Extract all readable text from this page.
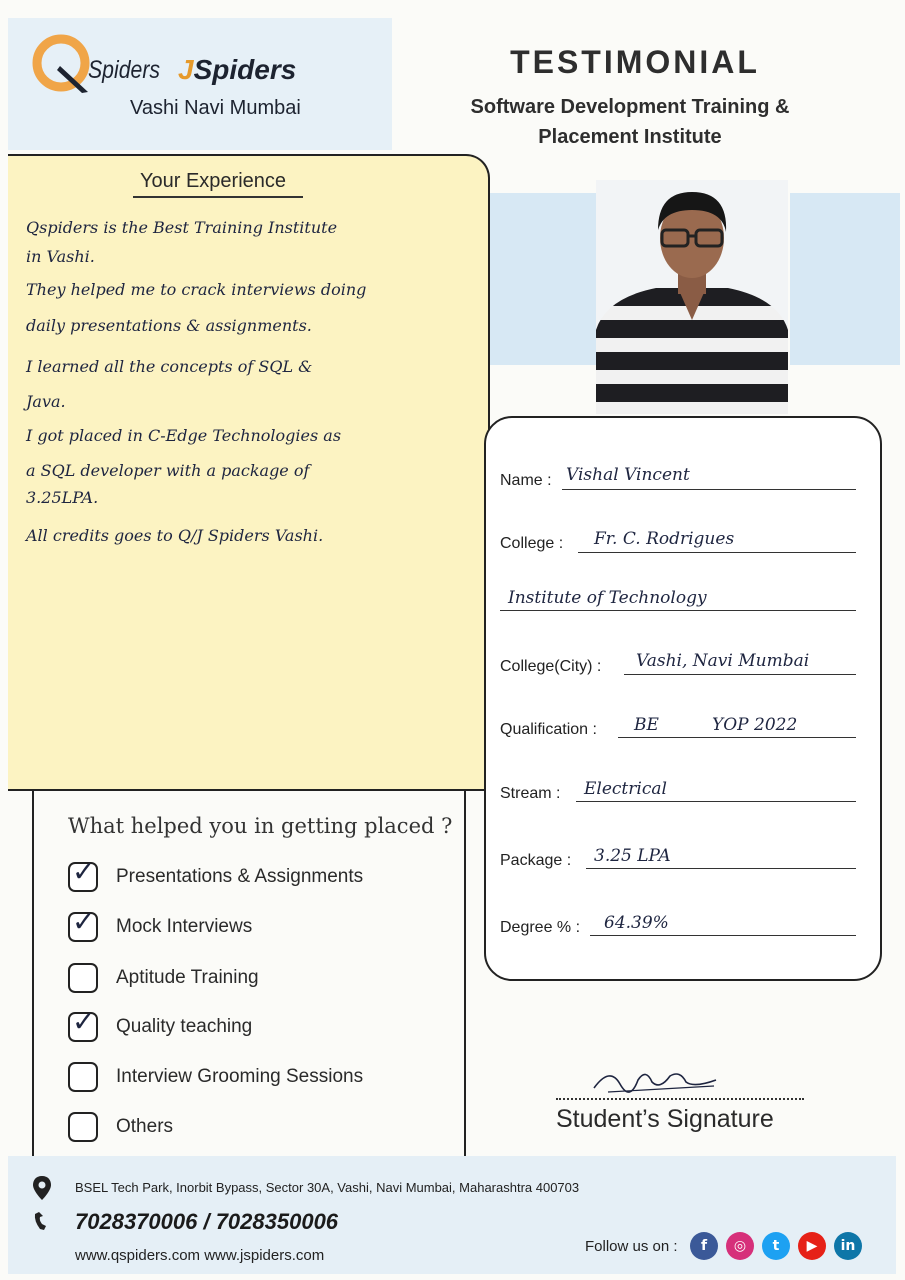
Spiders JSpiders
Vashi Navi Mumbai
TESTIMONIAL
Software Development Training &
Placement Institute
Your Experience
Qspiders is the Best Training Institute
in Vashi.
They helped me to crack interviews doing
daily presentations & assignments.
I learned all the concepts of SQL &
Java.
I got placed in C-Edge Technologies as
a SQL developer with a package of
3.25LPA.
All credits goes to Q/J Spiders Vashi.
What helped you in getting placed ?
✓ Presentations & Assignments
✓ Mock Interviews
Aptitude Training
✓ Quality teaching
Interview Grooming Sessions
Others
Name : Vishal Vincent
College : Fr. C. Rodrigues
Institute of Technology
College(City) : Vashi, Navi Mumbai
Qualification : BE	YOP 2022
Stream : Electrical
Package : 3.25 LPA
Degree % : 64.39%
Student’s Signature
BSEL Tech Park, Inorbit Bypass, Sector 30A, Vashi, Navi Mumbai, Maharashtra 400703
7028370006 / 7028350006
www.qspiders.com www.jspiders.com
Follow us on :	f	◎	t	▶	in
